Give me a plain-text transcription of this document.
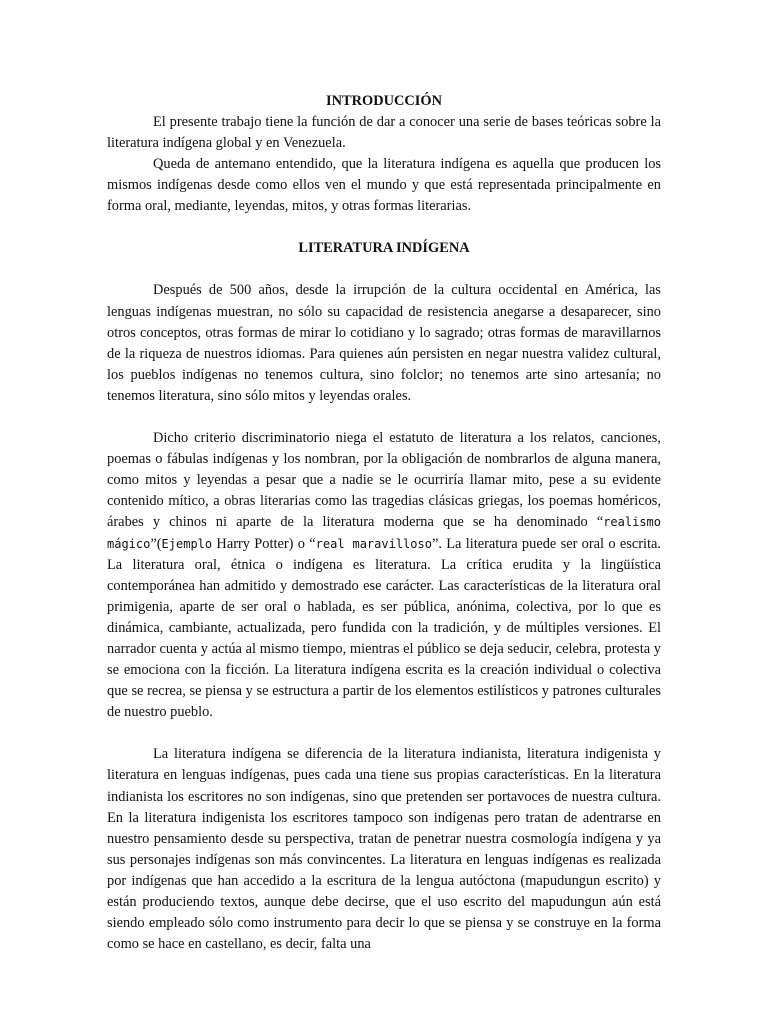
INTRODUCCIÓN

El presente trabajo tiene la función de dar a conocer una serie de bases teóricas sobre la literatura indígena global y en Venezuela.

Queda de antemano entendido, que la literatura indígena es aquella que producen los mismos indígenas desde como ellos ven el mundo y que está representada principalmente en forma oral, mediante, leyendas, mitos, y otras formas literarias.

LITERATURA INDÍGENA

Después de 500 años, desde la irrupción de la cultura occidental en América, las lenguas indígenas muestran, no sólo su capacidad de resistencia anegarse a desaparecer, sino otros conceptos, otras formas de mirar lo cotidiano y lo sagrado; otras formas de maravillarnos de la riqueza de nuestros idiomas. Para quienes aún persisten en negar nuestra validez cultural, los pueblos indígenas no tenemos cultura, sino folclor; no tenemos arte sino artesanía; no tenemos literatura, sino sólo mitos y leyendas orales.

Dicho criterio discriminatorio niega el estatuto de literatura a los relatos, canciones, poemas o fábulas indígenas y los nombran, por la obligación de nombrarlos de alguna manera, como mitos y leyendas a pesar que a nadie se le ocurriría llamar mito, pese a su evidente contenido mítico, a obras literarias como las tragedias clásicas griegas, los poemas homéricos, árabes y chinos ni aparte de la literatura moderna que se ha denominado “realismo mágico”(Ejemplo Harry Potter) o “real maravilloso”. La literatura puede ser oral o escrita. La literatura oral, étnica o indígena es literatura. La crítica erudita y la lingüística contemporánea han admitido y demostrado ese carácter. Las características de la literatura oral primigenia, aparte de ser oral o hablada, es ser pública, anónima, colectiva, por lo que es dinámica, cambiante, actualizada, pero fundida con la tradición, y de múltiples versiones. El narrador cuenta y actúa al mismo tiempo, mientras el público se deja seducir, celebra, protesta y se emociona con la ficción. La literatura indígena escrita es la creación individual o colectiva que se recrea, se piensa y se estructura a partir de los elementos estilísticos y patrones culturales de nuestro pueblo.

La literatura indígena se diferencia de la literatura indianista, literatura indigenista y literatura en lenguas indígenas, pues cada una tiene sus propias características. En la literatura indianista los escritores no son indígenas, sino que pretenden ser portavoces de nuestra cultura. En la literatura indigenista los escritores tampoco son indígenas pero tratan de adentrarse en nuestro pensamiento desde su perspectiva, tratan de penetrar nuestra cosmología indígena y ya sus personajes indígenas son más convincentes. La literatura en lenguas indígenas es realizada por indígenas que han accedido a la escritura de la lengua autóctona (mapudungun escrito) y están produciendo textos, aunque debe decirse, que el uso escrito del mapudungun aún está siendo empleado sólo como instrumento para decir lo que se piensa y se construye en la forma como se hace en castellano, es decir, falta una
